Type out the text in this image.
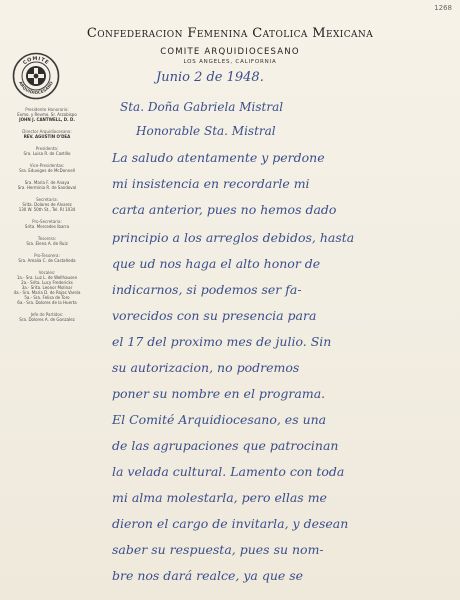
1268

Confederacion Femenina Catolica Mexicana

COMITE ARQUIDIOCESANO
LOS ANGELES, CALIFORNIA
COMITE
ARQUIDIOCESANO
Presidente Honorario:
Exmo. y Revmo. Sr. Arzobispo
JOHN J. CANTWELL, D. D.
Director Arquidiocesano:
REV. AGUSTIN O'DEA
Presidenta:
Sra. Luisa R. de Castillo
Vice-Presidentas:
Sra. Eduviges de McDonnell
Sra. Maria F. de Anaya
Sra. Herminia R. de Sandoval
Secretaria:
Srita. Dolores de Alvarez
130 W. 50th St., Tel. RI 1034
Pro-Secretaria:
Srita. Mercedes Ibarra
Tesorera:
Sra. Elena A. de Ruiz
Pro-Tesorera:
Sra. Amalia C. de Castañeda
Vocales:
1a.- Sra. Luz L. de Wellhausen
2a.- Srita. Lucy Fredericks
3a.- Srita. Leonor Molinar
4a.- Sra. Maria D. de Rojas Varela
5a.- Sra. Felisa de Toro
6a.- Sra. Dolores de la Huerta
Jefe de Partidos:
Sra. Dolores A. de Gonzalez
Junio 2 de 1948.
Sta. Doña Gabriela Mistral
Honorable Sta. Mistral
La saludo atentamente y perdone
mi insistencia en recordarle mi
carta anterior, pues no hemos dado
principio a los arreglos debidos, hasta
que ud nos haga el alto honor de
indicarnos, si podemos ser fa-
vorecidos con su presencia para
el 17 del proximo mes de julio. Sin
su autorizacion, no podremos
poner su nombre en el programa.
El Comité Arquidiocesano, es una
de las agrupaciones que patrocinan
la velada cultural. Lamento con toda
mi alma molestarla, pero ellas me
dieron el cargo de invitarla, y desean
saber su respuesta, pues su nom-
bre nos dará realce, ya que se
